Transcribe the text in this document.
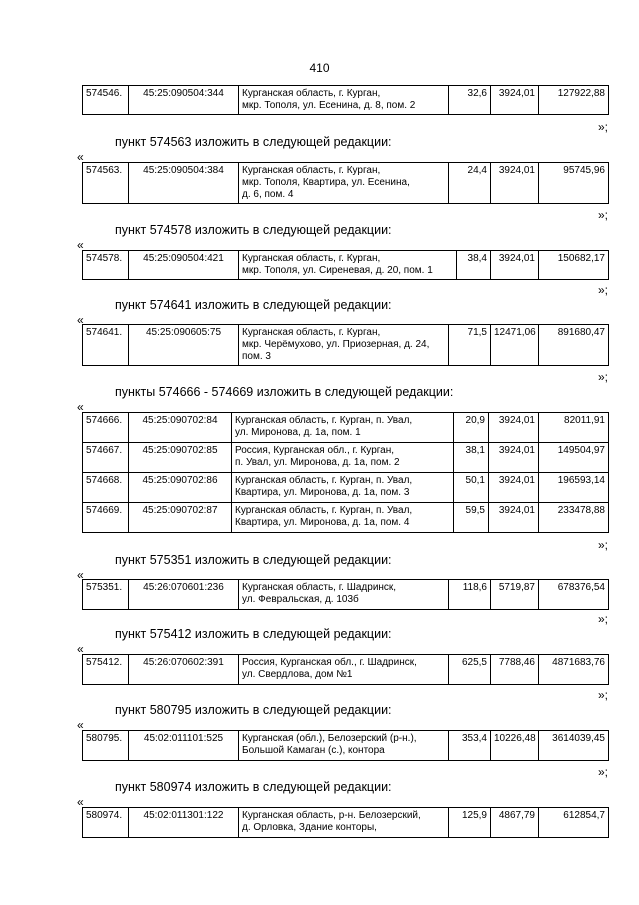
410
574546.	45:25:090504:344	Курганская область, г. Курган,
мкр. Тополя, ул. Есенина, д. 8, пом. 2
	32,6	3924,01	127922,88
»;
пункт 574563 изложить в следующей редакции:
«
574563.	45:25:090504:384	Курганская область, г. Курган,
мкр. Тополя, Квартира, ул. Есенина,
д. 6, пом. 4
	24,4	3924,01	95745,96
»;
пункт 574578 изложить в следующей редакции:
«
574578.	45:25:090504:421	Курганская область, г. Курган,
мкр. Тополя, ул. Сиреневая, д. 20, пом. 1
	38,4	3924,01	150682,17
»;
пункт 574641 изложить в следующей редакции:
«
574641.	45:25:090605:75	Курганская область, г. Курган,
мкр. Черёмухово, ул. Приозерная, д. 24,
пом. 3
	71,5	12471,06	891680,47
»;
пункты 574666 - 574669 изложить в следующей редакции:
«
574666.	45:25:090702:84	Курганская область, г. Курган, п. Увал,
ул. Миронова, д. 1а, пом. 1	20,9	3924,01	82011,91
574667.	45:25:090702:85	Россия, Курганская обл., г. Курган,
п. Увал, ул. Миронова, д. 1а, пом. 2	38,1	3924,01	149504,97
574668.	45:25:090702:86	Курганская область, г. Курган, п. Увал,
Квартира, ул. Миронова, д. 1а, пом. 3	50,1	3924,01	196593,14
574669.	45:25:090702:87	Курганская область, г. Курган, п. Увал,
Квартира, ул. Миронова, д. 1а, пом. 4	59,5	3924,01	233478,88
»;
пункт 575351 изложить в следующей редакции:
«
575351.	45:26:070601:236	Курганская область, г. Шадринск,
ул. Февральская, д. 103б
	118,6	5719,87	678376,54
»;
пункт 575412 изложить в следующей редакции:
«
575412.	45:26:070602:391	Россия, Курганская обл., г. Шадринск,
ул. Свердлова, дом №1
	625,5	7788,46	4871683,76
»;
пункт 580795 изложить в следующей редакции:
«
580795.	45:02:011101:525	Курганская (обл.), Белозерский (р-н.),
Большой Камаган (с.), контора
	353,4	10226,48	3614039,45
»;
пункт 580974 изложить в следующей редакции:
«
580974.	45:02:011301:122	Курганская область, р-н. Белозерский,
д. Орловка, Здание конторы,
	125,9	4867,79	612854,7
